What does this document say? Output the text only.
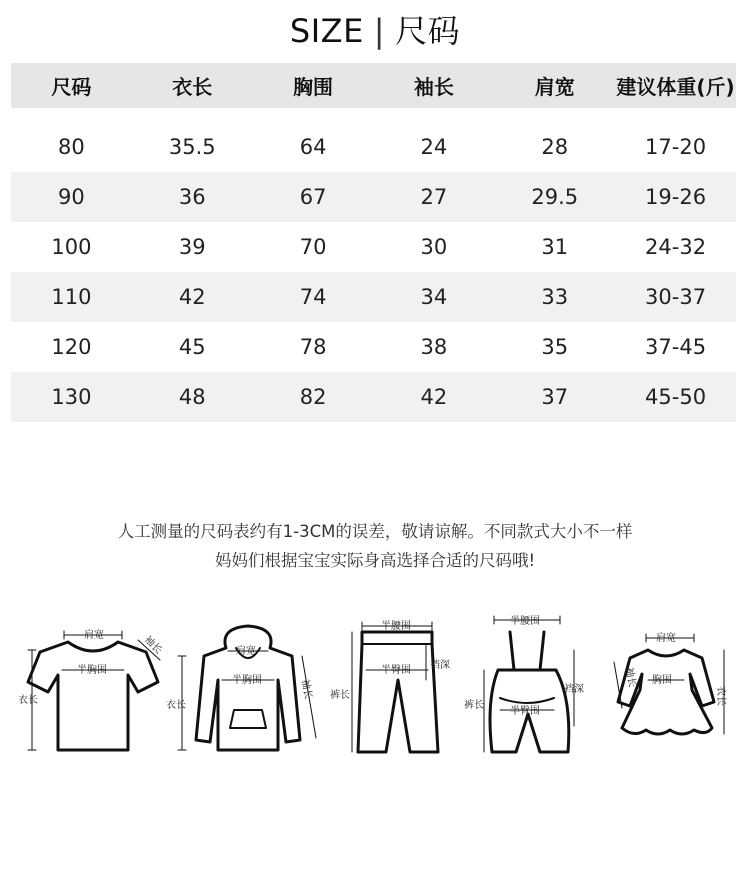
SIZE | 尺码
尺码	衣长	胸围	袖长	肩宽	建议体重(斤)

80	35.5	64	24	28	17-20
90	36	67	27	29.5	19-26
100	39	70	30	31	24-32
110	42	74	34	33	30-37
120	45	78	38	35	37-45
130	48	82	42	37	45-50
人工测量的尺码表约有1-3CM的误差，敬请谅解。不同款式大小不一样
妈妈们根据宝宝实际身高选择合适的尺码哦!
肩宽
半胸围
衣长
袖长	肩宽
半胸围
衣长
袖长
半腰围
半臀围 裆深
裤长
半腰围
半臀围
裆深
裤长
肩宽
胸围
衣长
袖长
